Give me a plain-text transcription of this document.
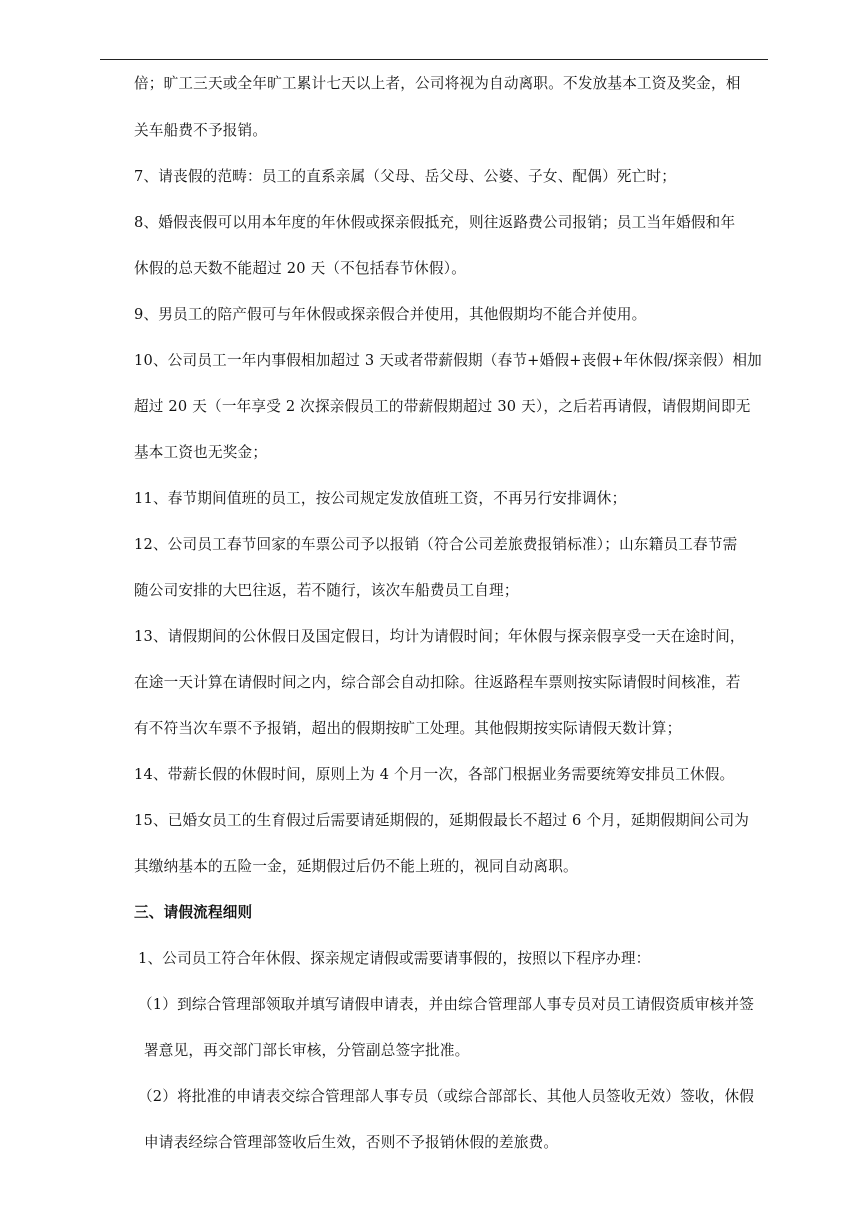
倍；旷工三天或全年旷工累计七天以上者，公司将视为自动离职。不发放基本工资及奖金，相
关车船费不予报销。
7、请丧假的范畴：员工的直系亲属（父母、岳父母、公婆、子女、配偶）死亡时；
8、婚假丧假可以用本年度的年休假或探亲假抵充，则往返路费公司报销；员工当年婚假和年
休假的总天数不能超过 20 天（不包括春节休假）。
9、男员工的陪产假可与年休假或探亲假合并使用，其他假期均不能合并使用。
10、公司员工一年内事假相加超过 3 天或者带薪假期（春节+婚假+丧假+年休假/探亲假）相加
超过 20 天（一年享受 2 次探亲假员工的带薪假期超过 30 天），之后若再请假，请假期间即无
基本工资也无奖金；
11、春节期间值班的员工，按公司规定发放值班工资，不再另行安排调休；
12、公司员工春节回家的车票公司予以报销（符合公司差旅费报销标准）；山东籍员工春节需
随公司安排的大巴往返，若不随行，该次车船费员工自理；
13、请假期间的公休假日及国定假日，均计为请假时间；年休假与探亲假享受一天在途时间，
在途一天计算在请假时间之内，综合部会自动扣除。往返路程车票则按实际请假时间核准，若
有不符当次车票不予报销，超出的假期按旷工处理。其他假期按实际请假天数计算；
14、带薪长假的休假时间，原则上为 4 个月一次，各部门根据业务需要统筹安排员工休假。
15、已婚女员工的生育假过后需要请延期假的，延期假最长不超过 6 个月，延期假期间公司为
其缴纳基本的五险一金，延期假过后仍不能上班的，视同自动离职。
三、请假流程细则
1、公司员工符合年休假、探亲规定请假或需要请事假的，按照以下程序办理：
（1）到综合管理部领取并填写请假申请表，并由综合管理部人事专员对员工请假资质审核并签
署意见，再交部门部长审核，分管副总签字批准。
（2）将批准的申请表交综合管理部人事专员（或综合部部长、其他人员签收无效）签收，休假
申请表经综合管理部签收后生效，否则不予报销休假的差旅费。
